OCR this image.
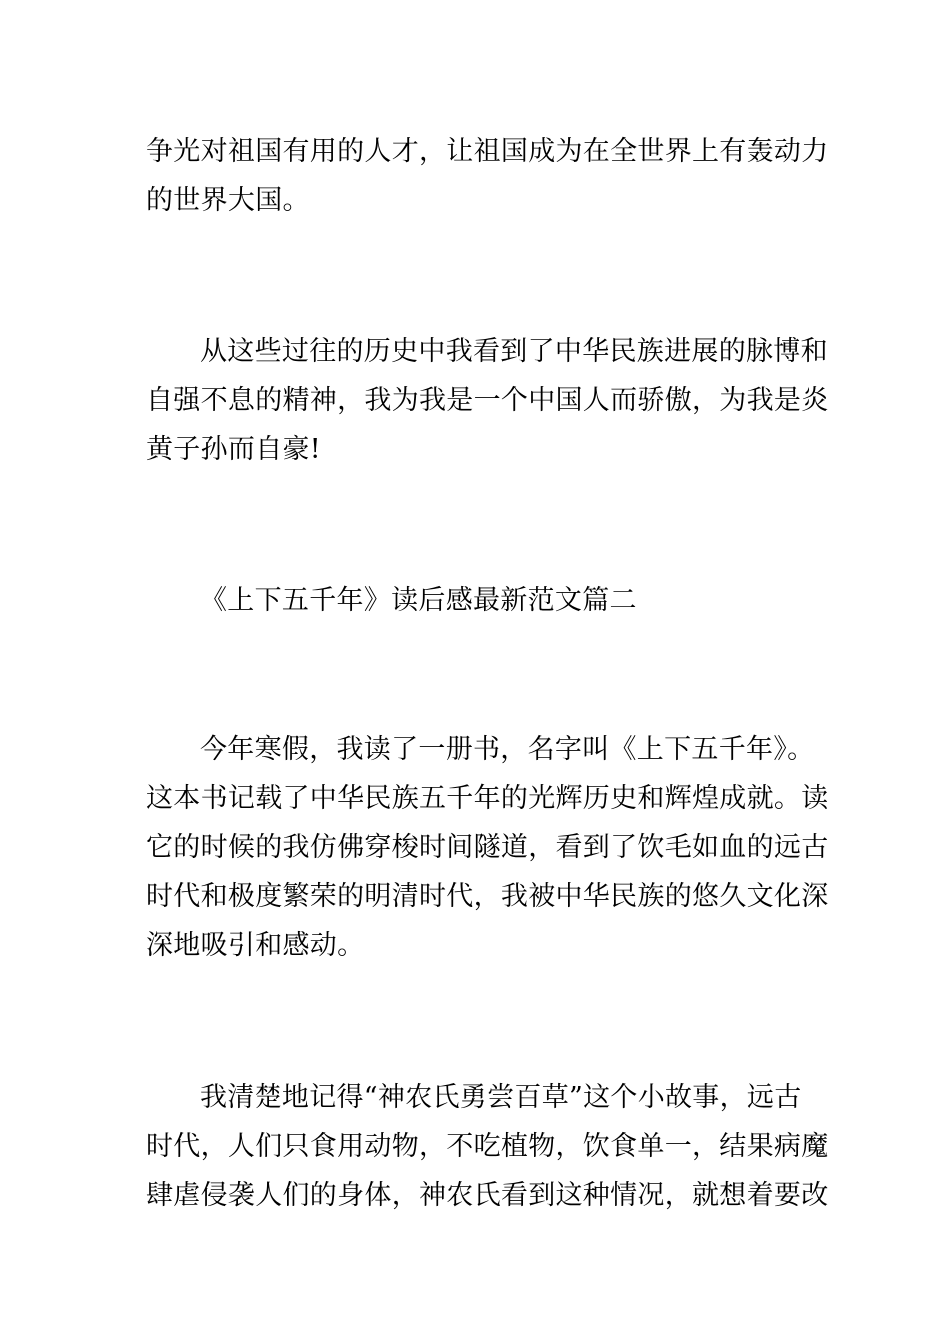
争光对祖国有用的人才，让祖国成为在全世界上有轰动力
的世界大国。
从这些过往的历史中我看到了中华民族进展的脉博和
自强不息的精神，我为我是一个中国人而骄傲，为我是炎
黄子孙而自豪!
《上下五千年》读后感最新范文篇二
今年寒假，我读了一册书，名字叫《上下五千年》。
这本书记载了中华民族五千年的光辉历史和辉煌成就。读
它的时候的我仿佛穿梭时间隧道，看到了饮毛如血的远古
时代和极度繁荣的明清时代，我被中华民族的悠久文化深
深地吸引和感动。
我清楚地记得“神农氏勇尝百草”这个小故事，远古
时代，人们只食用动物，不吃植物，饮食单一，结果病魔
肆虐侵袭人们的身体，神农氏看到这种情况，就想着要改
